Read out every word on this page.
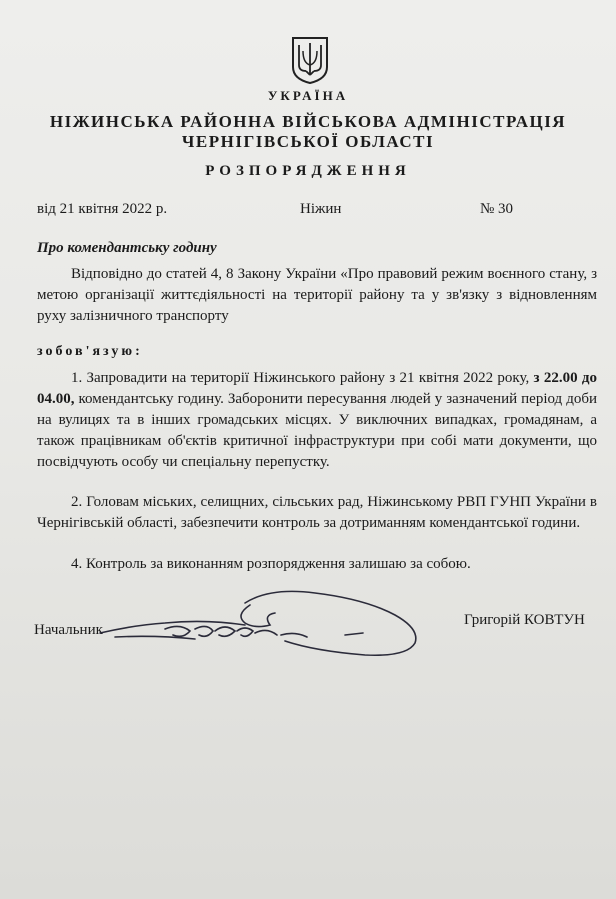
УКРАЇНА
НІЖИНСЬКА РАЙОННА ВІЙСЬКОВА АДМІНІСТРАЦІЯ
ЧЕРНІГІВСЬКОЇ ОБЛАСТІ
РОЗПОРЯДЖЕННЯ
від 21 квітня 2022 р.	Ніжин	№ 30
Про комендантську годину
Відповідно до статей 4, 8 Закону України «Про правовий режим воєнного стану, з метою організації життєдіяльності на території району та у зв'язку з відновленням руху залізничного транспорту
зобов'язую:
1. Запровадити на території Ніжинського району з 21 квітня 2022 року, з 22.00 до 04.00, комендантську годину. Заборонити пересування людей у зазначений період доби на вулицях та в інших громадських місцях. У виключних випадках, громадянам, а також працівникам об'єктів критичної інфраструктури при собі мати документи, що посвідчують особу чи спеціальну перепустку.
2. Головам міських, селищних, сільських рад, Ніжинському РВП ГУНП України в Чернігівській області, забезпечити контроль за дотриманням комендантської години.
4. Контроль за виконанням розпорядження залишаю за собою.
Начальник
Григорій КОВТУН
